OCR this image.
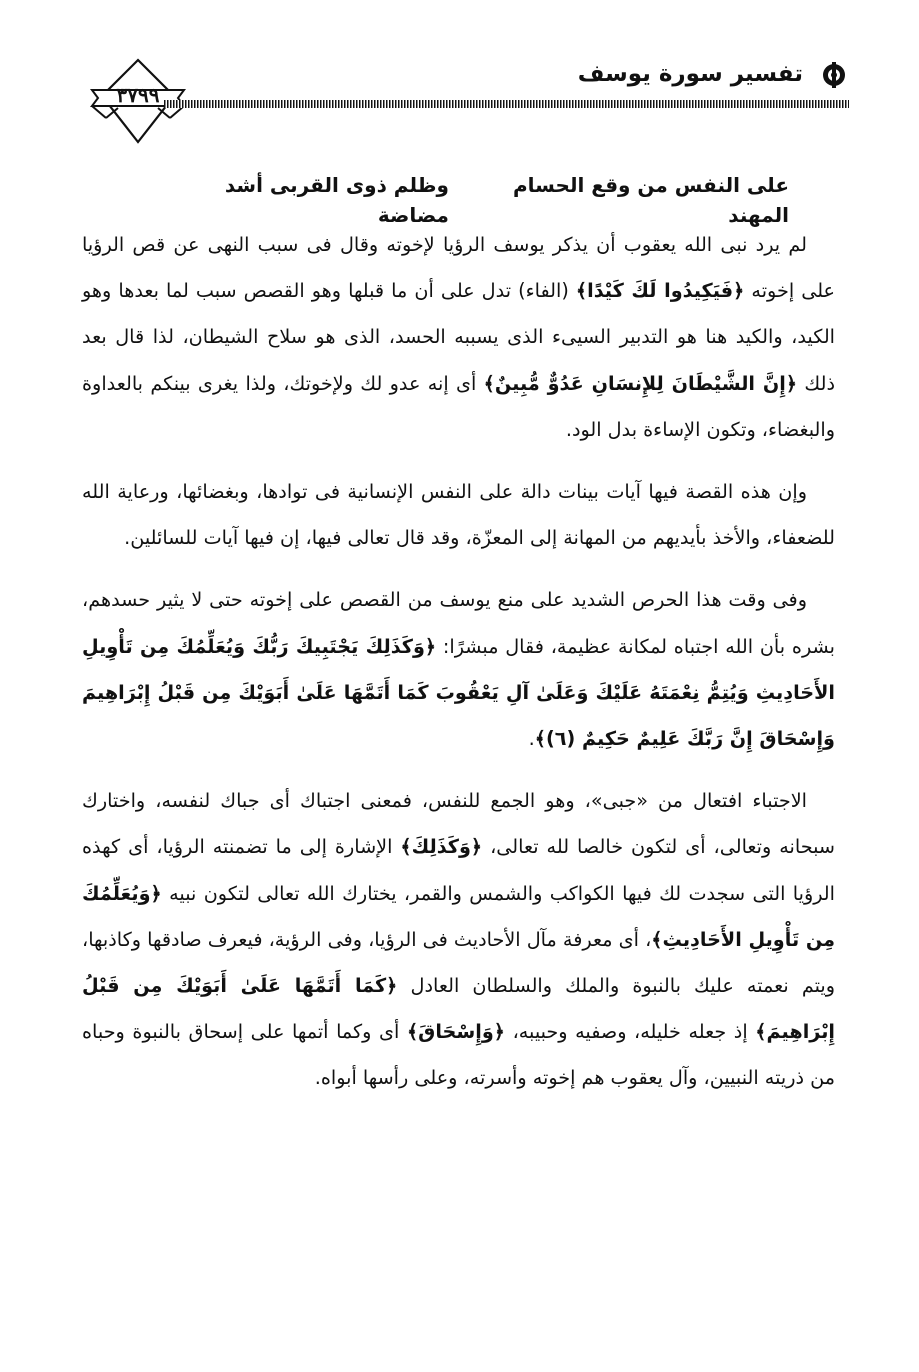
٣٧٩٩
تفسير سورة يوسف
وظلم ذوى القربى أشد مضاضة
على النفس من وقع الحسام المهند

لم يرد نبى الله يعقوب أن يذكر يوسف الرؤيا لإخوته وقال فى سبب النهى عن قص الرؤيا على إخوته ﴿فَيَكِيدُوا لَكَ كَيْدًا﴾ (الفاء) تدل على أن ما قبلها وهو القصص سبب لما بعدها وهو الكيد، والكيد هنا هو التدبير السيىء الذى يسببه الحسد، الذى هو سلاح الشيطان، لذا قال بعد ذلك ﴿إِنَّ الشَّيْطَانَ لِلإِنسَانِ عَدُوٌّ مُّبِينٌ﴾ أى إنه عدو لك ولإخوتك، ولذا يغرى بينكم بالعداوة والبغضاء، وتكون الإساءة بدل الود.

وإن هذه القصة فيها آيات بينات دالة على النفس الإنسانية فى توادها، وبغضائها، ورعاية الله للضعفاء، والأخذ بأيديهم من المهانة إلى المعزّة، وقد قال تعالى فيها، إن فيها آيات للسائلين.

وفى وقت هذا الحرص الشديد على منع يوسف من القصص على إخوته حتى لا يثير حسدهم، بشره بأن الله اجتباه لمكانة عظيمة، فقال مبشرًا: ﴿وَكَذَلِكَ يَجْتَبِيكَ رَبُّكَ وَيُعَلِّمُكَ مِن تَأْوِيلِ الأَحَادِيثِ وَيُتِمُّ نِعْمَتَهُ عَلَيْكَ وَعَلَىٰ آلِ يَعْقُوبَ كَمَا أَتَمَّهَا عَلَىٰ أَبَوَيْكَ مِن قَبْلُ إِبْرَاهِيمَ وَإِسْحَاقَ إِنَّ رَبَّكَ عَلِيمٌ حَكِيمٌ (٦)﴾.

الاجتباء افتعال من «جبى»، وهو الجمع للنفس، فمعنى اجتباك أى جباك لنفسه، واختارك سبحانه وتعالى، أى لتكون خالصا لله تعالى، ﴿وَكَذَلِكَ﴾ الإشارة إلى ما تضمنته الرؤيا، أى كهذه الرؤيا التى سجدت لك فيها الكواكب والشمس والقمر، يختارك الله تعالى لتكون نبيه ﴿وَيُعَلِّمُكَ مِن تَأْوِيلِ الأَحَادِيثِ﴾، أى معرفة مآل الأحاديث فى الرؤيا، وفى الرؤية، فيعرف صادقها وكاذبها، ويتم نعمته عليك بالنبوة والملك والسلطان العادل ﴿كَمَا أَتَمَّهَا عَلَىٰ أَبَوَيْكَ مِن قَبْلُ إِبْرَاهِيمَ﴾ إذ جعله خليله، وصفيه وحبيبه، ﴿وَإِسْحَاقَ﴾ أى وكما أتمها على إسحاق بالنبوة وحباه من ذريته النبيين، وآل يعقوب هم إخوته وأسرته، وعلى رأسها أبواه.
